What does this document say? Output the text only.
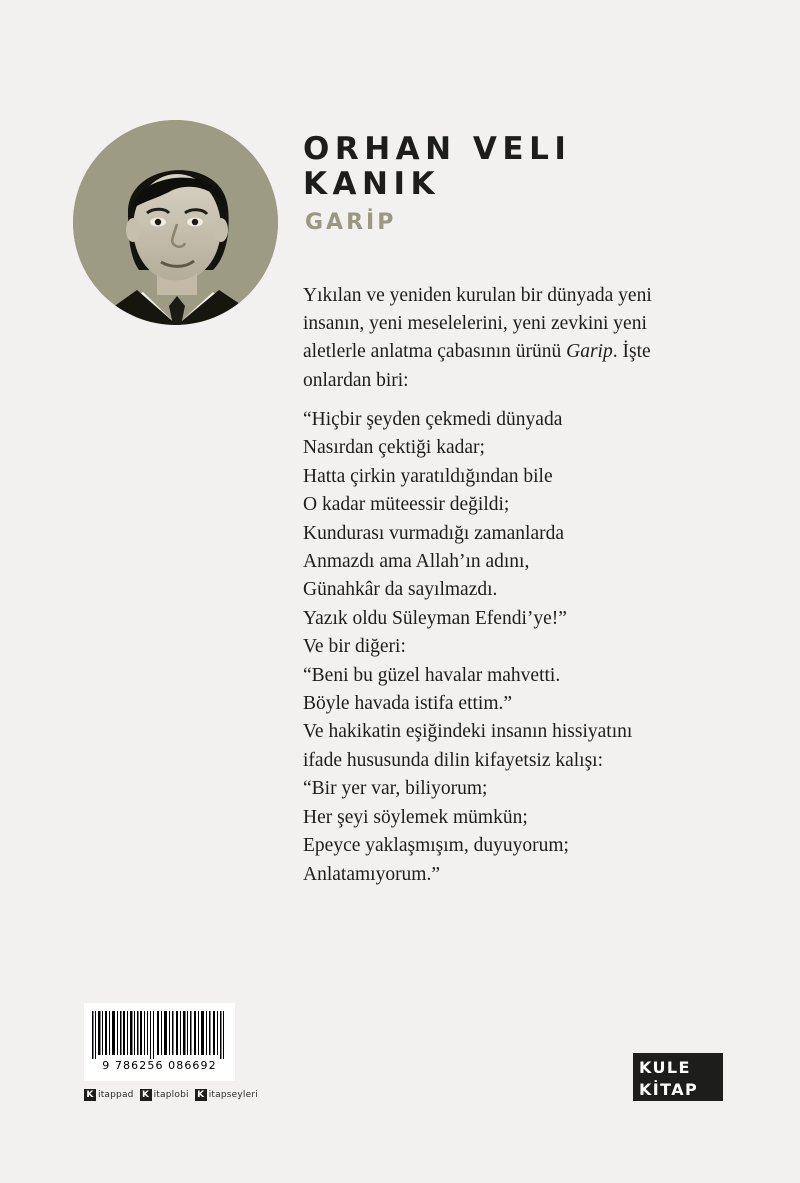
ORHAN VELI
KANIK
GARİP

Yıkılan ve yeniden kurulan bir dünyada yeni insanın, yeni meselelerini, yeni zevkini yeni aletlerle anlatma çabasının ürünü Garip. İşte onlardan biri:

“Hiçbir şeyden çekmedi dünyada
Nasırdan çektiği kadar;
Hatta çirkin yaratıldığından bile
O kadar müteessir değildi;
Kundurası vurmadığı zamanlarda
Anmazdı ama Allah’ın adını,
Günahkâr da sayılmazdı.
Yazık oldu Süleyman Efendi’ye!”
Ve bir diğeri:
“Beni bu güzel havalar mahvetti.
Böyle havada istifa ettim.”
Ve hakikatin eşiğindeki insanın hissiyatını
ifade hususunda dilin kifayetsiz kalışı:
“Bir yer var, biliyorum;
Her şeyi söylemek mümkün;
Epeyce yaklaşmışım, duyuyorum;
Anlatamıyorum.”
9 786256 086692
K itappad K itaplobi K itapseyleri
KULE
KİTAP
